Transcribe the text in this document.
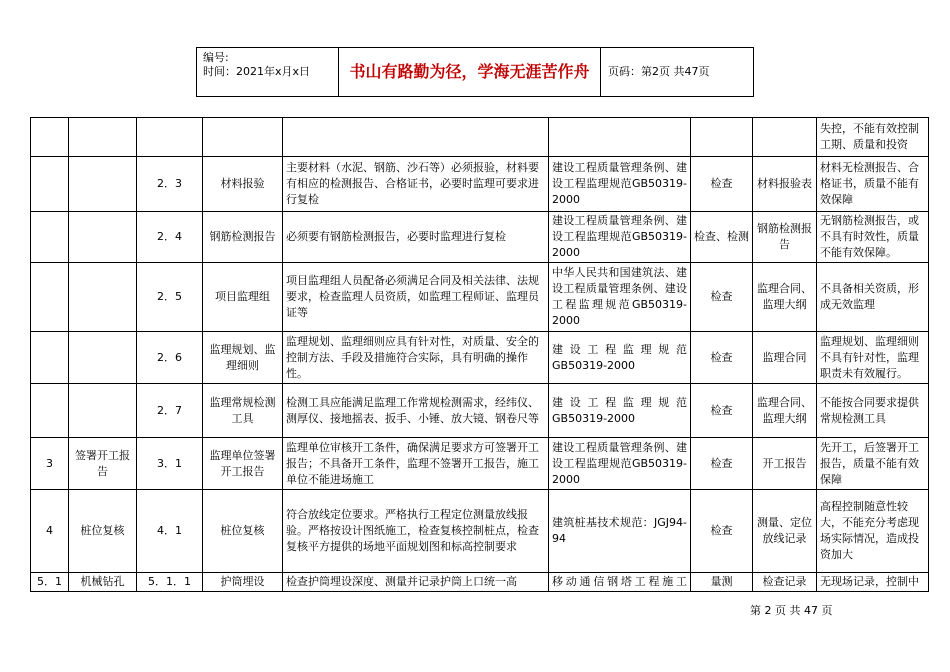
编号:
时间：2021年x月x日	书山有路勤为径，学海无涯苦作舟	页码：第2页 共47页
								失控，不能有效控制工期、质量和投资
		2．3	材料报验	主要材料（水泥、钢筋、沙石等）必须报验，材料要有相应的检测报告、合格证书，必要时监理可要求进行复检	建设工程质量管理条例、建设工程监理规范GB50319-2000	检查	材料报验表	材料无检测报告、合格证书，质量不能有效保障
		2．4	钢筋检测报告	必须要有钢筋检测报告，必要时监理进行复检	建设工程质量管理条例、建设工程监理规范GB50319-2000	检查、检测	钢筋检测报告	无钢筋检测报告，或不具有时效性，质量不能有效保障。
		2．5	项目监理组	项目监理组人员配备必须满足合同及相关法律、法规要求，检查监理人员资质，如监理工程师证、监理员证等	中华人民共和国建筑法、建设工程质量管理条例、建设工程监理规范GB50319-2000	检查	监理合同、监理大纲	不具备相关资质，形成无效监理
		2．6	监理规划、监理细则	监理规划、监理细则应具有针对性，对质量、安全的控制方法、手段及措施符合实际，具有明确的操作性。	建设工程监理规范GB50319-2000	检查	监理合同	监理规划、监理细则不具有针对性，监理职责未有效履行。
		2．7	监理常规检测工具	检测工具应能满足监理工作常规检测需求，经纬仪、测厚仪、接地摇表、扳手、小锤、放大镜、钢卷尺等	建设工程监理规范GB50319-2000	检查	监理合同、监理大纲	不能按合同要求提供常规检测工具
3	签署开工报告	3．1	监理单位签署开工报告	监理单位审核开工条件，确保满足要求方可签署开工报告；不具备开工条件，监理不签署开工报告，施工单位不能进场施工	建设工程质量管理条例、建设工程监理规范GB50319-2000	检查	开工报告	先开工，后签署开工报告，质量不能有效保障
4	桩位复核	4．1	桩位复核	符合放线定位要求。严格执行工程定位测量放线报验。严格按设计图纸施工，检查复核控制桩点，检查复核平方提供的场地平面规划图和标高控制要求	建筑桩基技术规范：JGJ94-94	检查	测量、定位放线记录	高程控制随意性较大，不能充分考虑现场实际情况，造成投资加大
5．1	机械钻孔	5．1．1	护筒埋设	检查护筒埋设深度、测量并记录护筒上口统一高	移动通信钢塔工程施工	量测	检查记录	无现场记录，控制中
第 2 页 共 47 页
